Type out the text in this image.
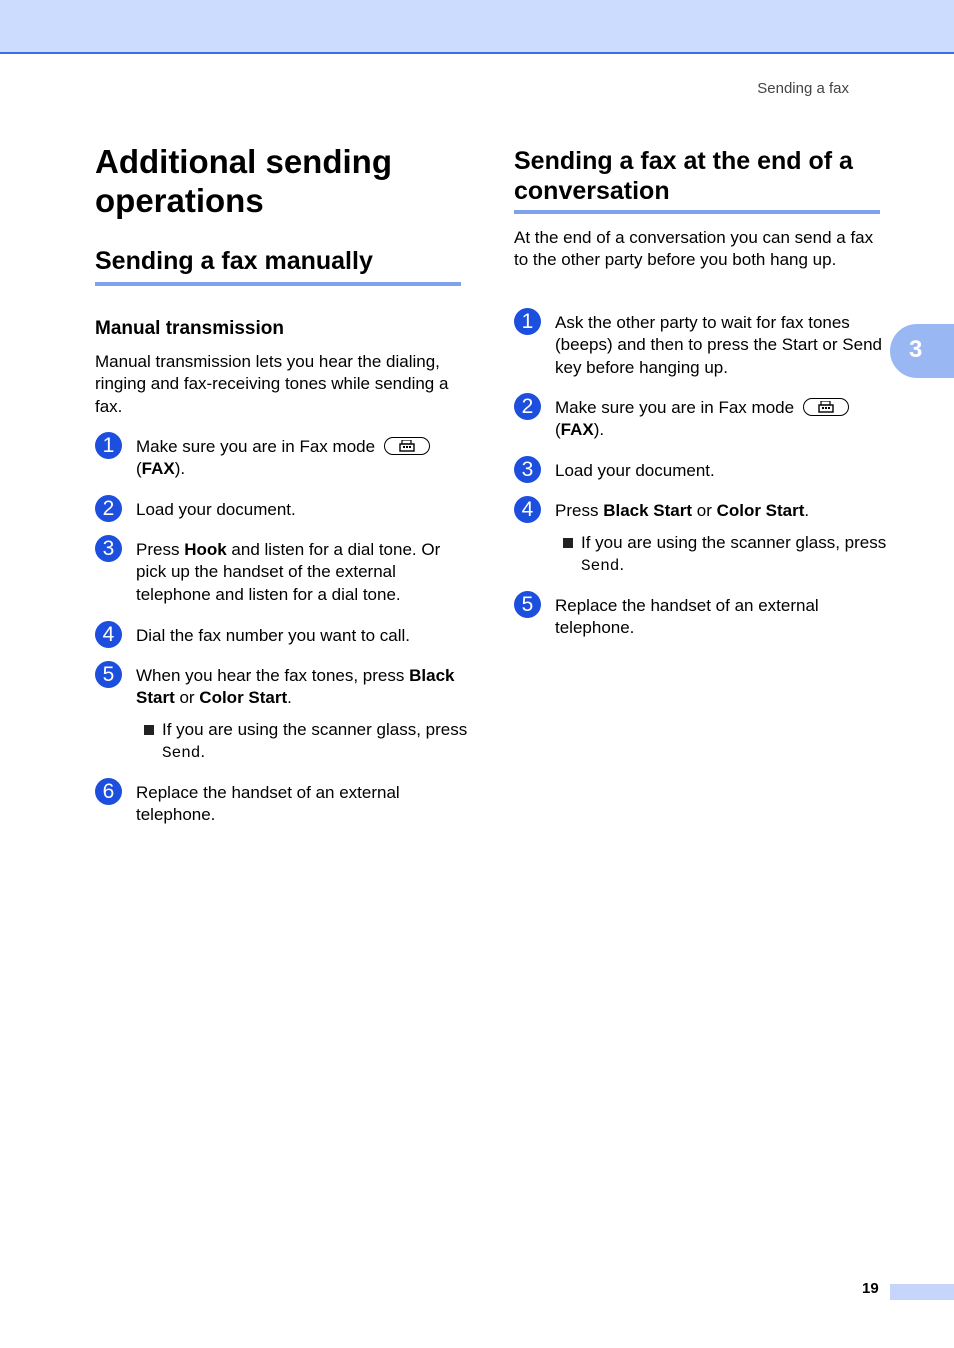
Sending a fax
3
Additional sending operations
Sending a fax manually
Manual transmission

Manual transmission lets you hear the dialing, ringing and fax-receiving tones while sending a fax.

1	Make sure you are in Fax mode

(FAX).
2	Load your document.
3	Press Hook and listen for a dial tone. Or pick up the handset of the external telephone and listen for a dial tone.
4	Dial the fax number you want to call.
5	When you hear the fax tones, press Black Start or Color Start.
If you are using the scanner glass, press Send.
6	Replace the handset of an external telephone.
Sending a fax at the end of a conversation

At the end of a conversation you can send a fax to the other party before you both hang up.

1	Ask the other party to wait for fax tones (beeps) and then to press the Start or Send key before hanging up.
2	Make sure you are in Fax mode

(FAX).
3	Load your document.
4	Press Black Start or Color Start.
If you are using the scanner glass, press Send.
5	Replace the handset of an external telephone.
19
